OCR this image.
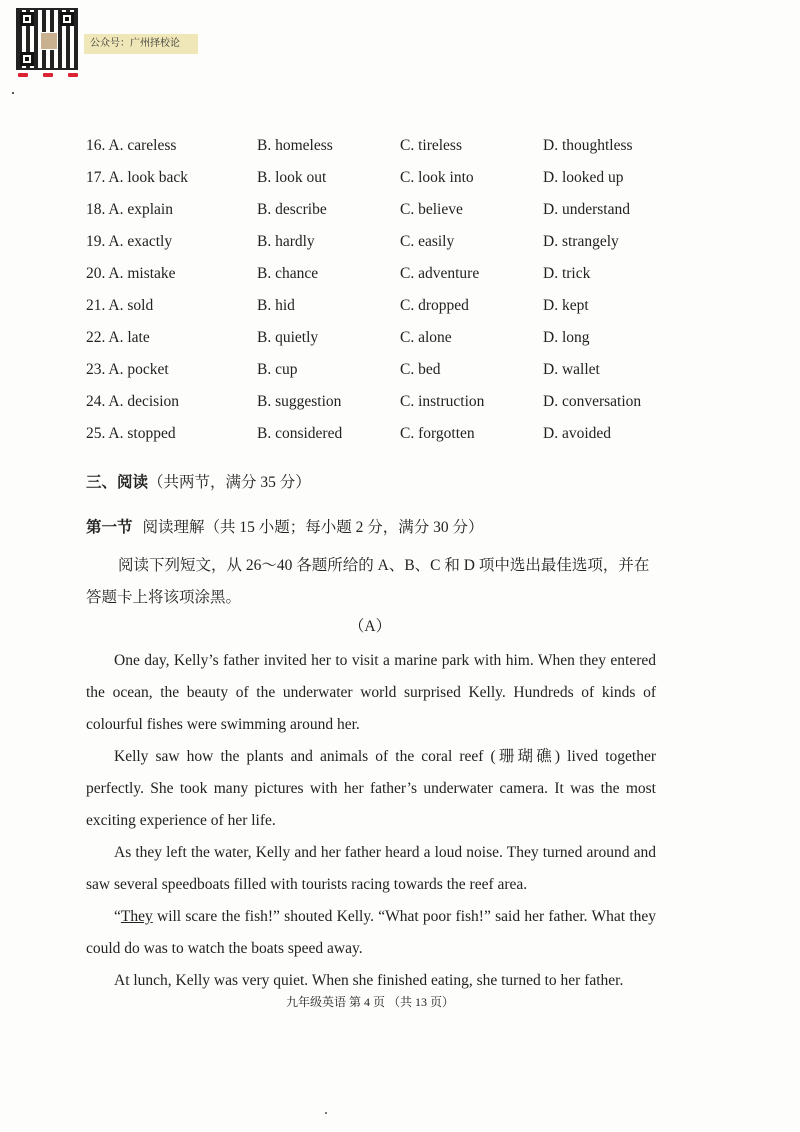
公众号：广州择校论
16. A. careless	B. homeless	C. tireless	D. thoughtless
17. A. look back	B. look out	C. look into	D. looked up
18. A. explain	B. describe	C. believe	D. understand
19. A. exactly	B. hardly	C. easily	D. strangely
20. A. mistake	B. chance	C. adventure	D. trick
21. A. sold	B. hid	C. dropped	D. kept
22. A. late	B. quietly	C. alone	D. long
23. A. pocket	B. cup	C. bed	D. wallet
24. A. decision	B. suggestion	C. instruction	D. conversation
25. A. stopped	B. considered	C. forgotten	D. avoided
三、阅读（共两节，满分 35 分）
第一节 阅读理解（共 15 小题；每小题 2 分，满分 30 分）
阅读下列短文，从 26～40 各题所给的 A、B、C 和 D 项中选出最佳选项，并在答题卡上将该项涂黑。
（A）

One day, Kelly’s father invited her to visit a marine park with him. When they entered the ocean, the beauty of the underwater world surprised Kelly. Hundreds of kinds of colourful fishes were swimming around her.

Kelly saw how the plants and animals of the coral reef (珊瑚礁) lived together perfectly. She took many pictures with her father’s underwater camera. It was the most exciting experience of her life.

As they left the water, Kelly and her father heard a loud noise. They turned around and saw several speedboats filled with tourists racing towards the reef area.

“They will scare the fish!” shouted Kelly. “What poor fish!” said her father. What they could do was to watch the boats speed away.

At lunch, Kelly was very quiet. When she finished eating, she turned to her father.

九年级英语 第 4 页 （共 13 页）
